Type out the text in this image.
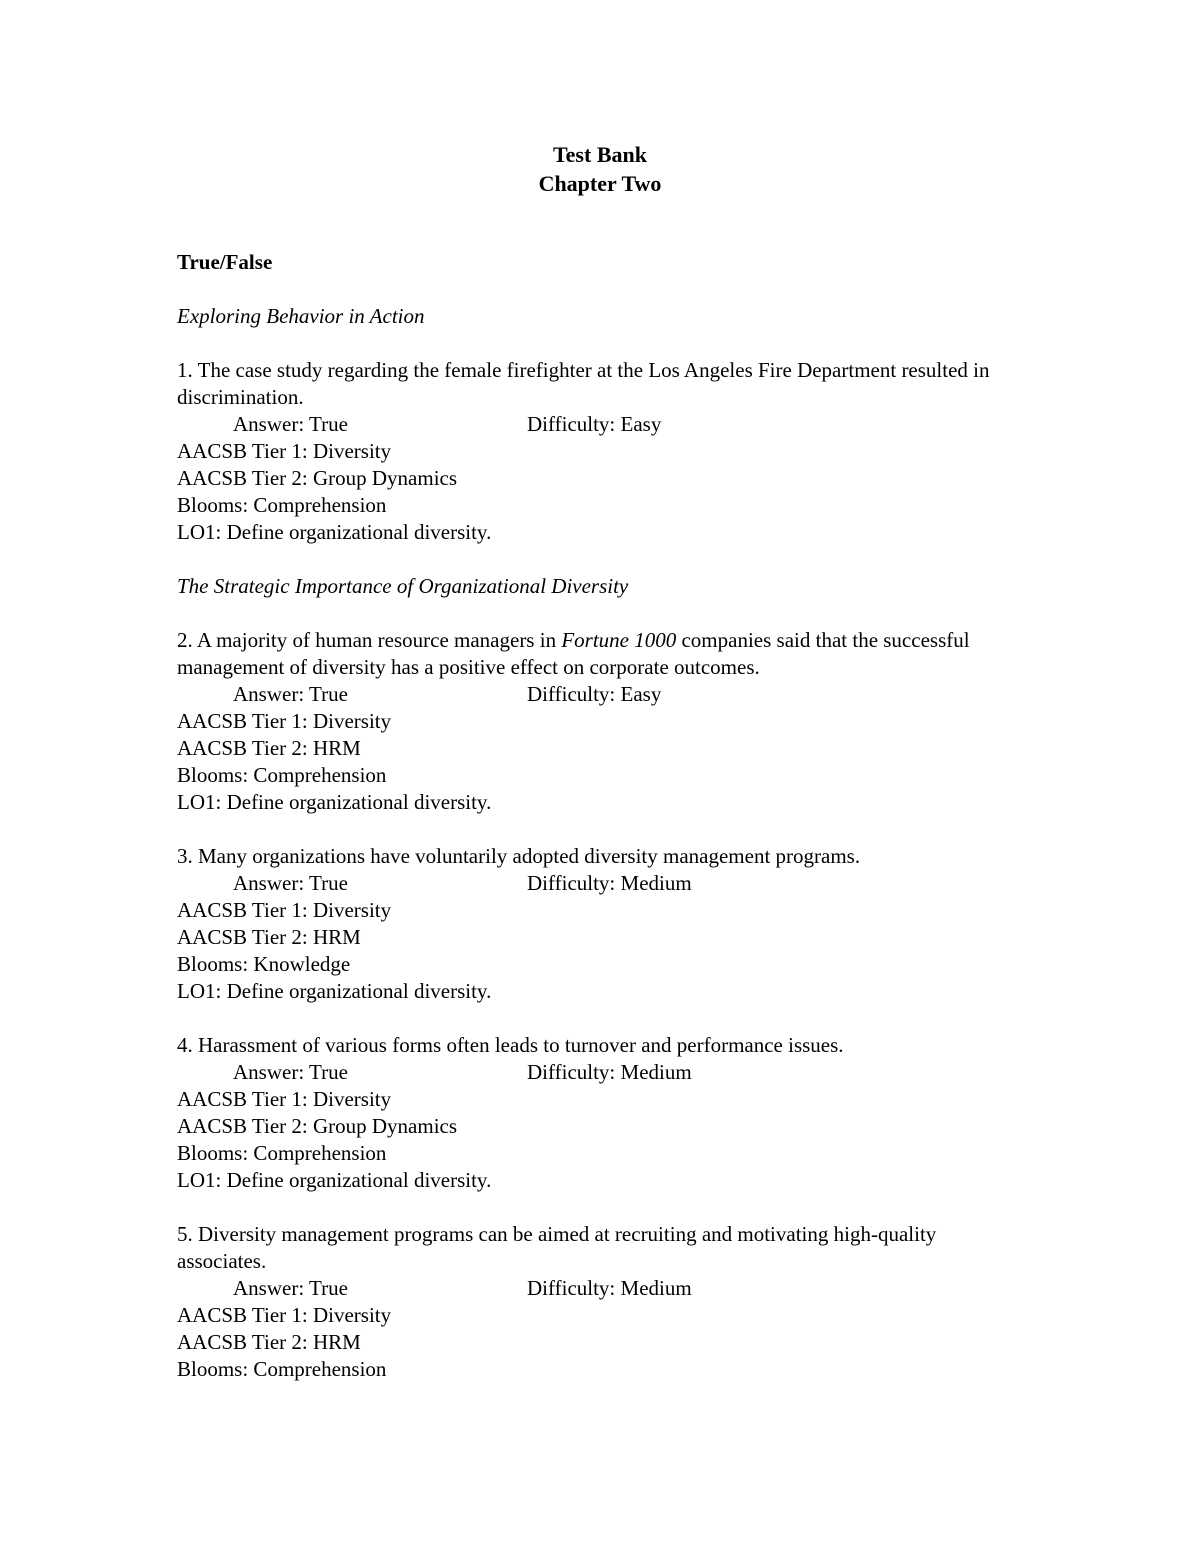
Test Bank
Chapter Two
True/False
Exploring Behavior in Action
1. The case study regarding the female firefighter at the Los Angeles Fire Department resulted in discrimination.
Answer: True	Difficulty: Easy
AACSB Tier 1: Diversity
AACSB Tier 2: Group Dynamics
Blooms: Comprehension
LO1: Define organizational diversity.
The Strategic Importance of Organizational Diversity
2. A majority of human resource managers in Fortune 1000 companies said that the successful management of diversity has a positive effect on corporate outcomes.
Answer: True	Difficulty: Easy
AACSB Tier 1: Diversity
AACSB Tier 2: HRM
Blooms: Comprehension
LO1: Define organizational diversity.
3. Many organizations have voluntarily adopted diversity management programs.
Answer: True	Difficulty: Medium
AACSB Tier 1: Diversity
AACSB Tier 2: HRM
Blooms: Knowledge
LO1: Define organizational diversity.
4. Harassment of various forms often leads to turnover and performance issues.
Answer: True	Difficulty: Medium
AACSB Tier 1: Diversity
AACSB Tier 2: Group Dynamics
Blooms: Comprehension
LO1: Define organizational diversity.
5. Diversity management programs can be aimed at recruiting and motivating high-quality associates.
Answer: True	Difficulty: Medium
AACSB Tier 1: Diversity
AACSB Tier 2: HRM
Blooms: Comprehension
